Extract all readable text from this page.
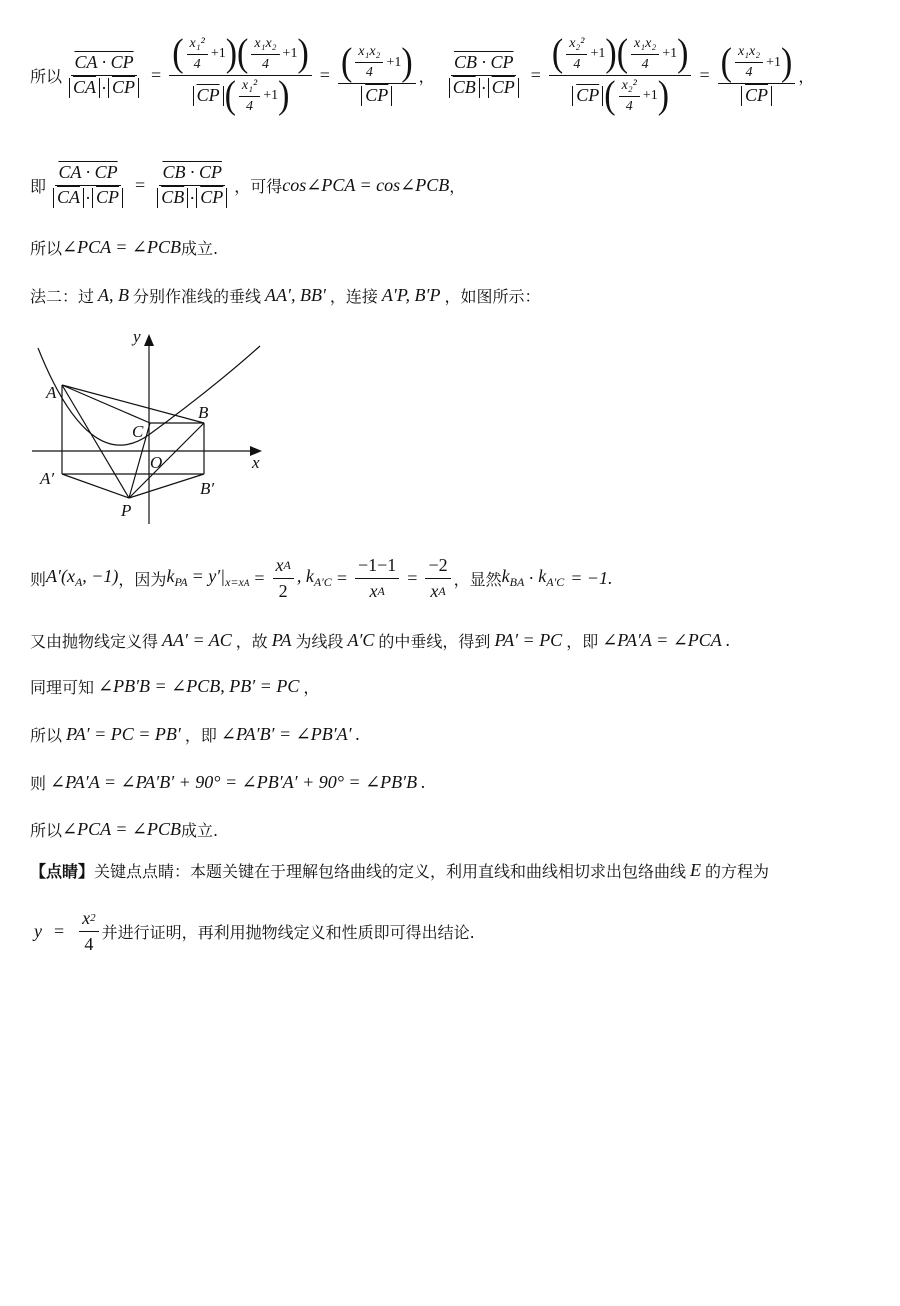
所以 $\frac{CA \cdot CP}{\overline{CA} \cdot \overline{CP}}$ = ( $\frac{\text{x₁²}}{4} +1$ ) ( $\frac{\text{x₁x₂}}{4} +1$ )
$\overline{CP}$ ( $\frac{\text{x₁²}}{4} +1$ ) = $\frac{( \frac{\text{x₁x₂}}{4} +1 )}{CP}$ ， $\frac{CB \cdot CP}{\overline{CB} \cdot \overline{CP}}$ = ( $\frac{\text{x₂²}}{4} +1$ ) ( $\frac{\text{x₁x₂}}{4} +1$ )
$\overline{CP}$ ( $\frac{\text{x₂²}}{4} +1$ ) = $\frac{( \frac{\text{x₁x₂}}{4} +1 )}{CP}$ ，
即 $\frac{CA \cdot CP}{\overline{CA} \cdot \overline{CP}} = \frac{CB \cdot CP}{\overline{CB} \cdot \overline{CP}}$ ，可得 cos∠PCA = cos∠PCB ，
所以 ∠PCA = ∠PCB 成立.
法二：过 A, B 分别作准线的垂线 AA′, BB′ ，连接 A′P, B′P ，如图所示：
y
x
A
B
C
O
A′
B′
P
则 $A'(x_A$, −1) ，因为 $k_{PA} = y'|_{x=xA} = \frac{\text{x A}}{2}$ , $k_{A'C} = \frac{-1-1}{\text{x A}} = \frac{-2}{\text{x A}}$ ，显然 $k_{BA} \cdot k_{A'C} = -1$.
又由抛物线定义得 AA′ = AC ，故 PA 为线段 A′C 的中垂线，得到 PA′ = PC ，即 ∠PA′A = ∠PCA .
同理可知 ∠PB′B = ∠PCB, PB′ = PC ，
所以 PA′ = PC = PB′ ，即 ∠PA′B′ = ∠PB′A′ .
则 ∠PA′A = ∠PA′B′ + 90° = ∠PB′A′ + 90° = ∠PB′B .
所以 ∠PCA = ∠PCB 成立.
【点睛】 关键点点睛：本题关键在于理解包络曲线的定义，利用直线和曲线相切求出包络曲线 E 的方程为
$y = \frac{x 2}{4}$ 并进行证明，再利用抛物线定义和性质即可得出结论.
